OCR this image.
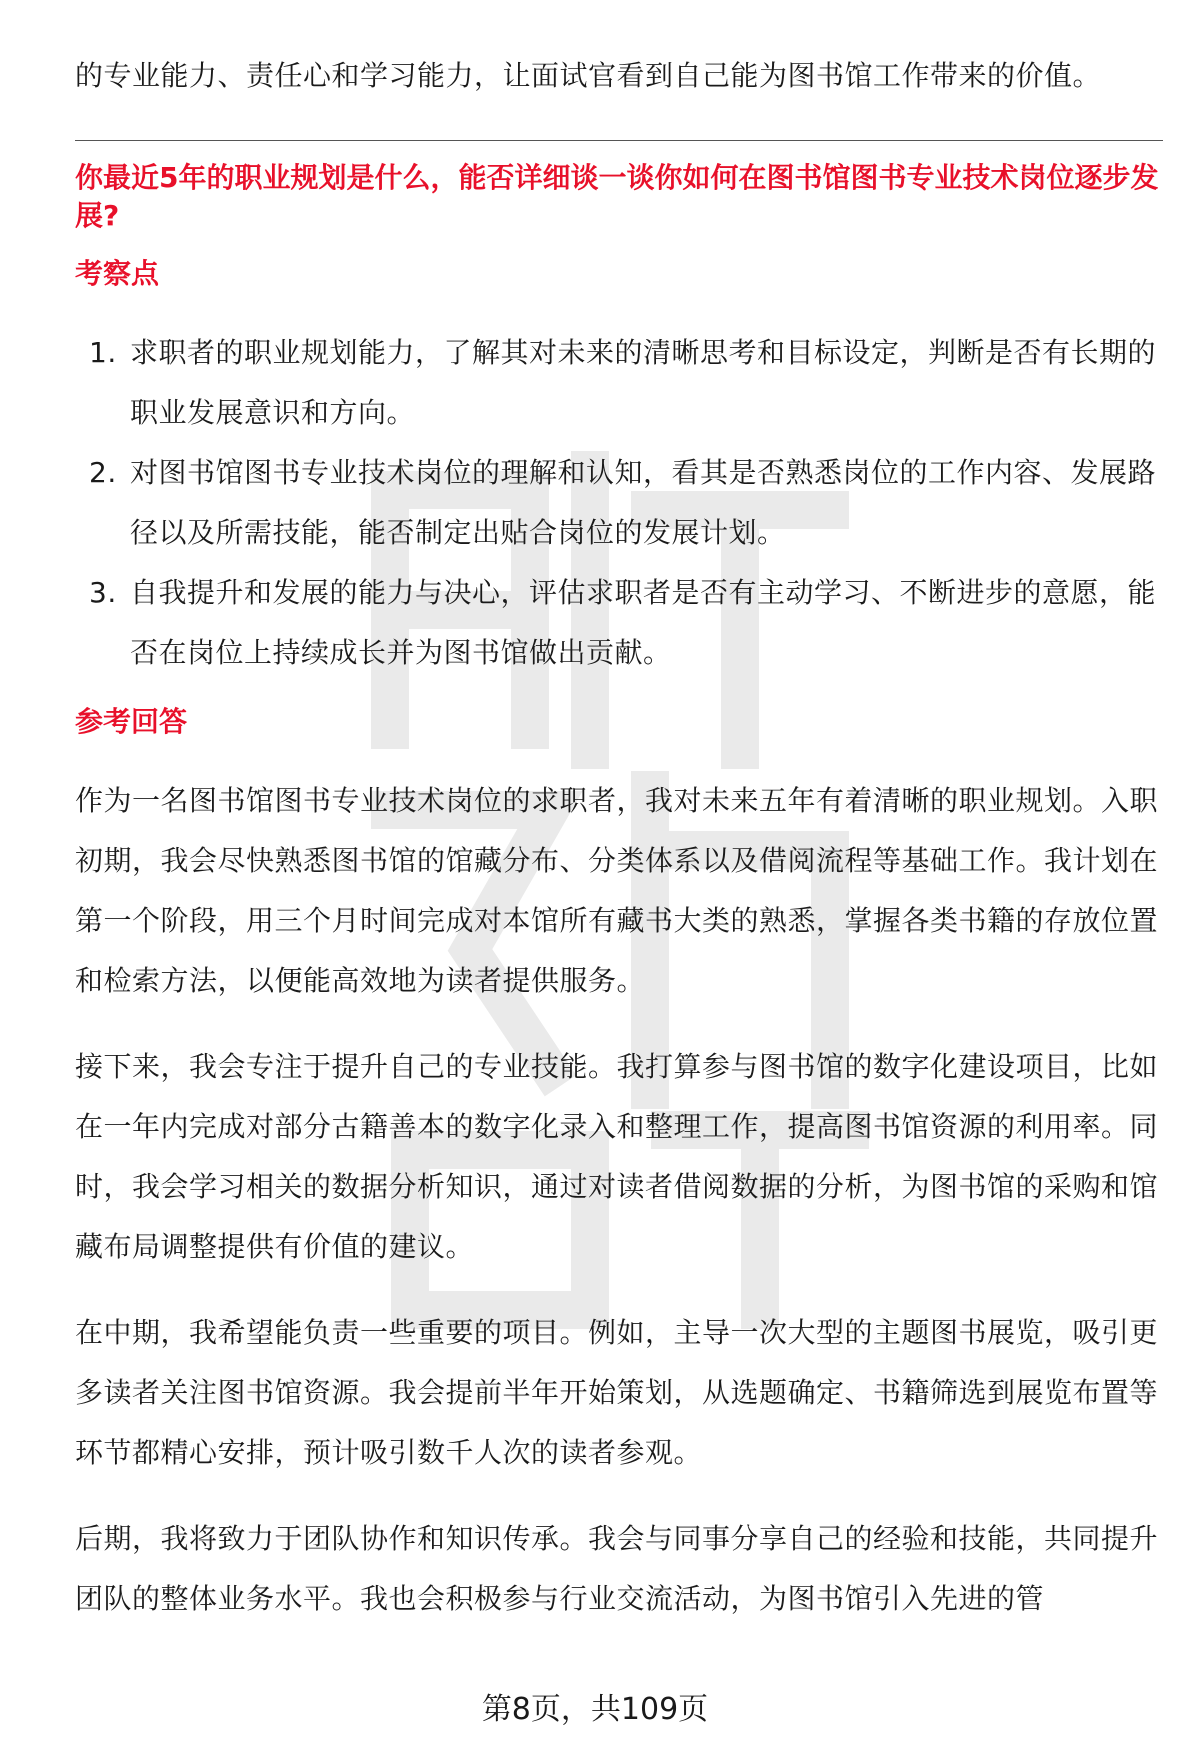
的专业能力、责任心和学习能力，让面试官看到自己能为图书馆工作带来的价值。

你最近5年的职业规划是什么，能否详细谈一谈你如何在图书馆图书专业技术岗位逐步发展?

考察点
1. 求职者的职业规划能力，了解其对未来的清晰思考和目标设定，判断是否有长期的职业发展意识和方向。
2. 对图书馆图书专业技术岗位的理解和认知，看其是否熟悉岗位的工作内容、发展路径以及所需技能，能否制定出贴合岗位的发展计划。
3. 自我提升和发展的能力与决心，评估求职者是否有主动学习、不断进步的意愿，能否在岗位上持续成长并为图书馆做出贡献。
参考回答

作为一名图书馆图书专业技术岗位的求职者，我对未来五年有着清晰的职业规划。入职初期，我会尽快熟悉图书馆的馆藏分布、分类体系以及借阅流程等基础工作。我计划在第一个阶段，用三个月时间完成对本馆所有藏书大类的熟悉，掌握各类书籍的存放位置和检索方法，以便能高效地为读者提供服务。

接下来，我会专注于提升自己的专业技能。我打算参与图书馆的数字化建设项目，比如在一年内完成对部分古籍善本的数字化录入和整理工作，提高图书馆资源的利用率。同时，我会学习相关的数据分析知识，通过对读者借阅数据的分析，为图书馆的采购和馆藏布局调整提供有价值的建议。

在中期，我希望能负责一些重要的项目。例如，主导一次大型的主题图书展览，吸引更多读者关注图书馆资源。我会提前半年开始策划，从选题确定、书籍筛选到展览布置等环节都精心安排，预计吸引数千人次的读者参观。

后期，我将致力于团队协作和知识传承。我会与同事分享自己的经验和技能，共同提升团队的整体业务水平。我也会积极参与行业交流活动，为图书馆引入先进的管

第8页，共109页
